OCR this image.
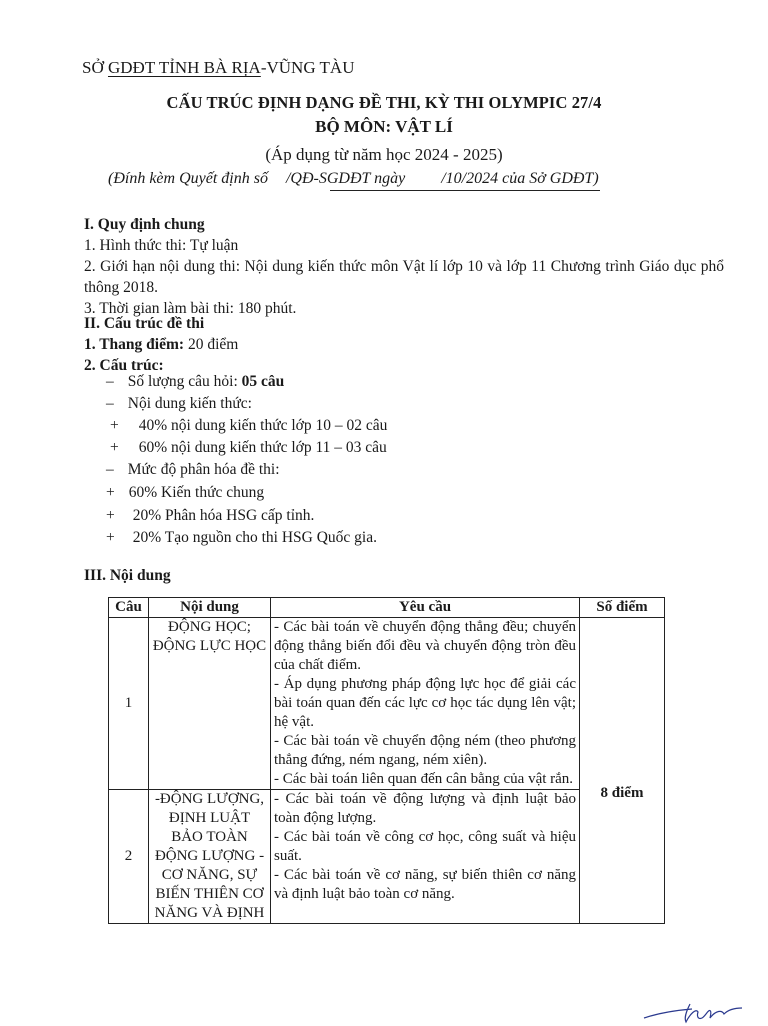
SỞ GDĐT TỈNH BÀ RỊA-VŨNG TÀU
CẤU TRÚC ĐỊNH DẠNG ĐỀ THI, KỲ THI OLYMPIC 27/4
BỘ MÔN: VẬT LÍ
(Áp dụng từ năm học 2024 - 2025)
(Đính kèm Quyết định số /QĐ-SGDĐT ngày /10/2024 của Sở GDĐT)
I. Quy định chung
1. Hình thức thi: Tự luận
2. Giới hạn nội dung thi: Nội dung kiến thức môn Vật lí lớp 10 và lớp 11 Chương trình Giáo dục phổ thông 2018.
3. Thời gian làm bài thi: 180 phút.
II. Cấu trúc đề thi
1. Thang điểm: 20 điểm
2. Cấu trúc:
– Số lượng câu hỏi: 05 câu
– Nội dung kiến thức:
+ 40% nội dung kiến thức lớp 10 – 02 câu
+ 60% nội dung kiến thức lớp 11 – 03 câu
– Mức độ phân hóa đề thi:
+ 60% Kiến thức chung
+ 20% Phân hóa HSG cấp tỉnh.
+ 20% Tạo nguồn cho thi HSG Quốc gia.
III. Nội dung
Câu	Nội dung	Yêu cầu	Số điểm
1	ĐỘNG HỌC; ĐỘNG LỰC HỌC	- Các bài toán về chuyển động thẳng đều; chuyển động thẳng biến đổi đều và chuyển động tròn đều của chất điểm.
- Áp dụng phương pháp động lực học để giải các bài toán quan đến các lực cơ học tác dụng lên vật; hệ vật.
- Các bài toán về chuyển động ném (theo phương thẳng đứng, ném ngang, ném xiên).
- Các bài toán liên quan đến cân bằng của vật rắn.	8 điểm
2	-ĐỘNG LƯỢNG, ĐỊNH LUẬT BẢO TOÀN ĐỘNG LƯỢNG - CƠ NĂNG, SỰ BIẾN THIÊN CƠ NĂNG VÀ ĐỊNH	- Các bài toán về động lượng và định luật bảo toàn động lượng.
- Các bài toán về công cơ học, công suất và hiệu suất.
- Các bài toán về cơ năng, sự biến thiên cơ năng và định luật bảo toàn cơ năng.	
